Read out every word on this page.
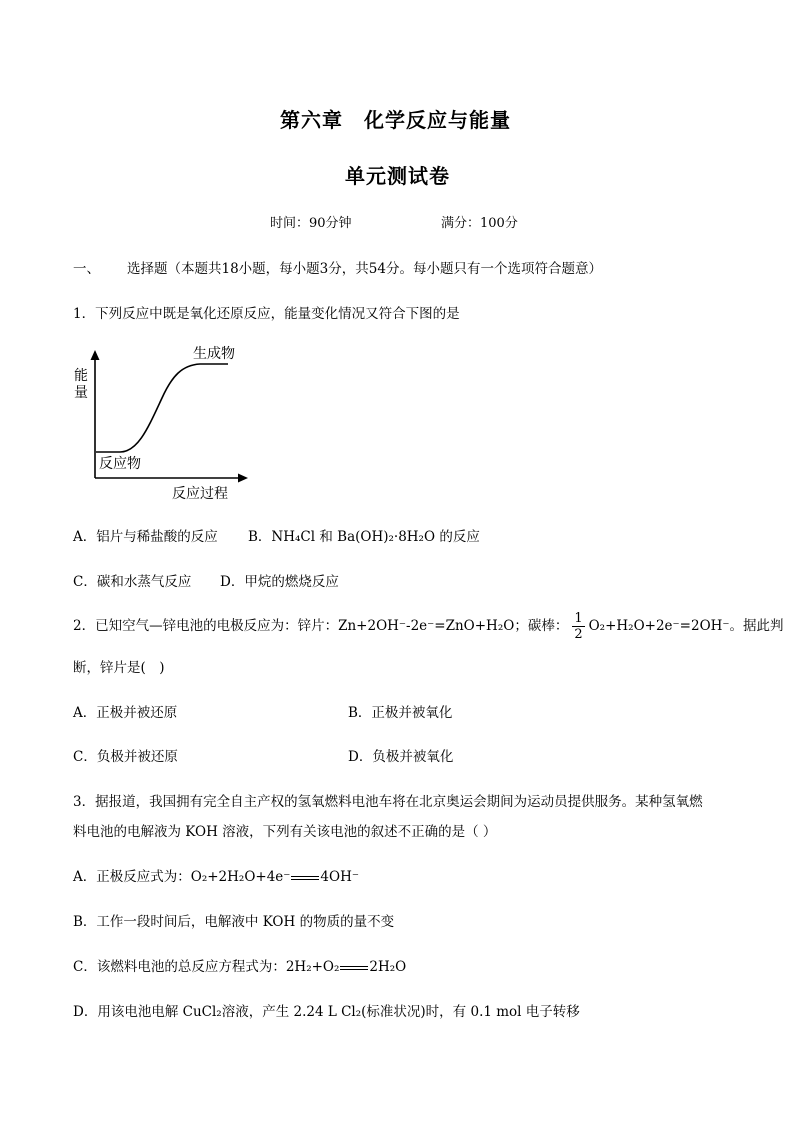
第六章　化学反应与能量
单元测试卷
时间：90分钟	满分：100分
一、 选择题（本题共18小题，每小题3分，共54分。每小题只有一个选项符合题意）
1．下列反应中既是氧化还原反应，能量变化情况又符合下图的是
生成物
反应物
反应过程
能 量
A．铝片与稀盐酸的反应 B．NH₄Cl 和 Ba(OH)₂·8H₂O 的反应
C．碳和水蒸气反应 D．甲烷的燃烧反应
2．已知空气—锌电池的电极反应为：锌片：Zn+2OH⁻-2e⁻=ZnO+H₂O；碳棒： $\frac{1}{2} O_2+H_2O+2e^-=2OH^-$。据此判
断，锌片是(　)
A．正极并被还原	B．正极并被氧化
C．负极并被还原	D．负极并被氧化
3．据报道，我国拥有完全自主产权的氢氧燃料电池车将在北京奥运会期间为运动员提供服务。某种氢氧燃
料电池的电解液为 KOH 溶液，下列有关该电池的叙述不正确的是（ ）
A．正极反应式为：O₂+2H₂O+4e⁻ 4OH⁻
B．工作一段时间后，电解液中 KOH 的物质的量不变
C．该燃料电池的总反应方程式为：2H₂+O₂ 2H₂O
D．用该电池电解 CuCl₂溶液，产生 2.24 L Cl₂(标准状况)时，有 0.1 mol 电子转移
